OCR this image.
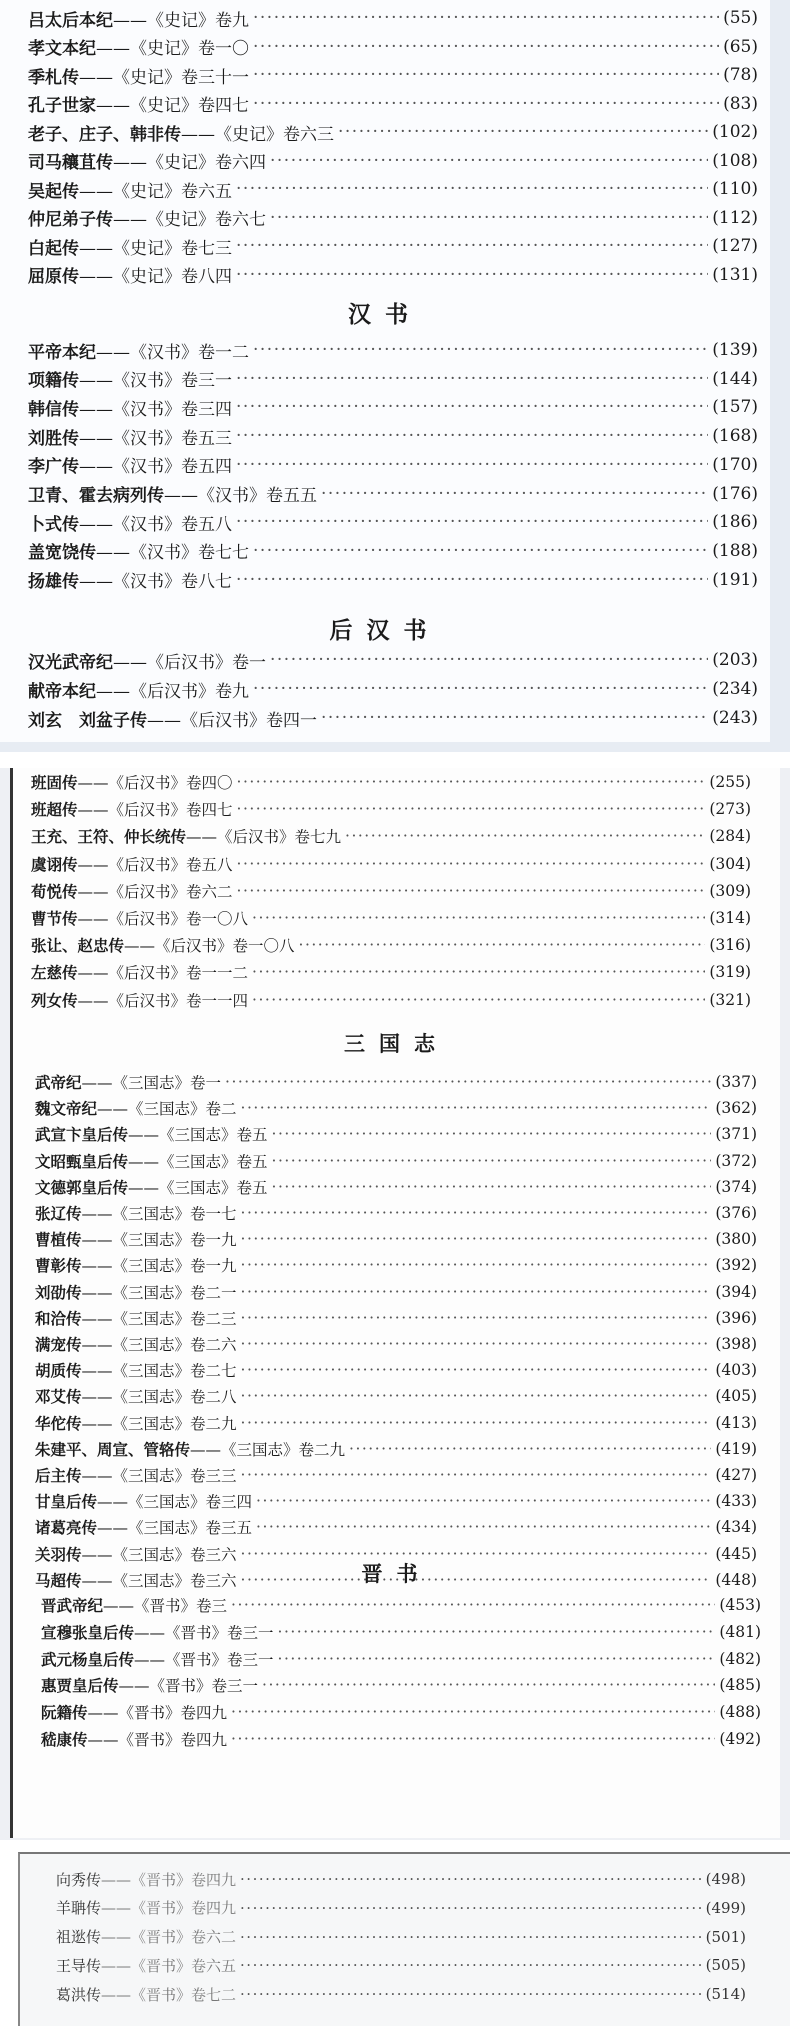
吕太后本纪 ——《史记》卷九 ·····	(55)
孝文本纪 ——《史记》卷一〇 ·····	(65)
季札传 ——《史记》卷三十一 ·····	(78)
孔子世家 ——《史记》卷四七 ·····	(83)
老子、庄子、韩非传 ——《史记》卷六三 ·····	(102)
司马穰苴传 ——《史记》卷六四 ·····	(108)
吴起传 ——《史记》卷六五 ·····	(110)
仲尼弟子传 ——《史记》卷六七 ·····	(112)
白起传 ——《史记》卷七三 ·····	(127)
屈原传 ——《史记》卷八四 ·····	(131)
汉书
平帝本纪 ——《汉书》卷一二 ·····	(139)
项籍传 ——《汉书》卷三一 ·····	(144)
韩信传 ——《汉书》卷三四 ·····	(157)
刘胜传 ——《汉书》卷五三 ·····	(168)
李广传 ——《汉书》卷五四 ·····	(170)
卫青、霍去病列传 ——《汉书》卷五五 ·····	(176)
卜式传 ——《汉书》卷五八 ·····	(186)
盖宽饶传 ——《汉书》卷七七 ·····	(188)
扬雄传 ——《汉书》卷八七 ·····	(191)
后汉书
汉光武帝纪 ——《后汉书》卷一 ·····	(203)
献帝本纪 ——《后汉书》卷九 ·····	(234)
刘玄　刘盆子传 ——《后汉书》卷四一 ·····	(243)
班固传 ——《后汉书》卷四〇 ·····	(255)
班超传 ——《后汉书》卷四七 ·····	(273)
王充、王符、仲长统传 ——《后汉书》卷七九 ·····	(284)
虞诩传 ——《后汉书》卷五八 ·····	(304)
荀悦传 ——《后汉书》卷六二 ·····	(309)
曹节传 ——《后汉书》卷一〇八 ·····	(314)
张让、赵忠传 ——《后汉书》卷一〇八 ·····	(316)
左慈传 ——《后汉书》卷一一二 ·····	(319)
列女传 ——《后汉书》卷一一四 ·····	(321)
三国志
武帝纪 ——《三国志》卷一 ·····	(337)
魏文帝纪 ——《三国志》卷二 ·····	(362)
武宣卞皇后传 ——《三国志》卷五 ·····	(371)
文昭甄皇后传 ——《三国志》卷五 ·····	(372)
文德郭皇后传 ——《三国志》卷五 ·····	(374)
张辽传 ——《三国志》卷一七 ·····	(376)
曹植传 ——《三国志》卷一九 ·····	(380)
曹彰传 ——《三国志》卷一九 ·····	(392)
刘劭传 ——《三国志》卷二一 ·····	(394)
和洽传 ——《三国志》卷二三 ·····	(396)
满宠传 ——《三国志》卷二六 ·····	(398)
胡质传 ——《三国志》卷二七 ·····	(403)
邓艾传 ——《三国志》卷二八 ·····	(405)
华佗传 ——《三国志》卷二九 ·····	(413)
朱建平、周宣、管辂传 ——《三国志》卷二九 ·····	(419)
后主传 ——《三国志》卷三三 ·····	(427)
甘皇后传 ——《三国志》卷三四 ·····	(433)
诸葛亮传 ——《三国志》卷三五 ·····	(434)
关羽传 ——《三国志》卷三六 ·····	(445)
马超传 ——《三国志》卷三六 ·····	(448)
晋书
晋武帝纪 ——《晋书》卷三 ·····	(453)
宣穆张皇后传 ——《晋书》卷三一 ·····	(481)
武元杨皇后传 ——《晋书》卷三一 ·····	(482)
惠贾皇后传 ——《晋书》卷三一 ·····	(485)
阮籍传 ——《晋书》卷四九 ·····	(488)
嵇康传 ——《晋书》卷四九 ·····	(492)
向秀传 ——《晋书》卷四九 ·····	(498)
羊聃传 ——《晋书》卷四九 ·····	(499)
祖逖传 ——《晋书》卷六二 ·····	(501)
王导传 ——《晋书》卷六五 ·····	(505)
葛洪传 ——《晋书》卷七二 ·····	(514)
